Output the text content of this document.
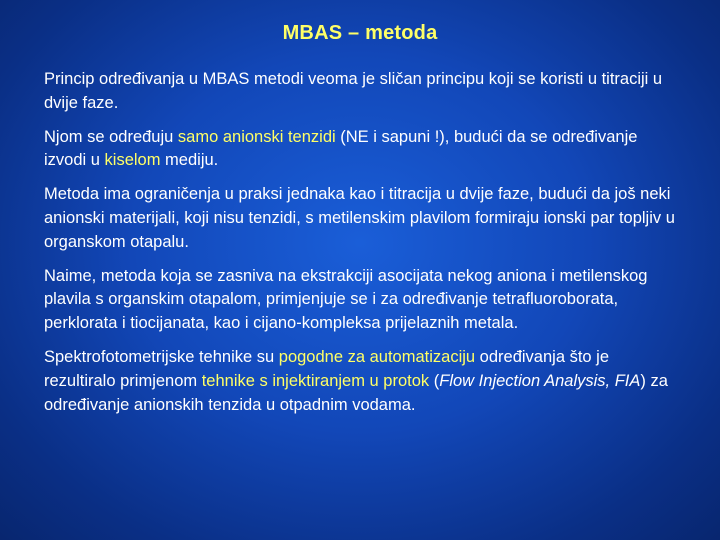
MBAS – metoda

Princip određivanja u MBAS metodi veoma je sličan principu koji se koristi u titraciji u dvije faze.

Njom se određuju samo anionski tenzidi (NE i sapuni !), budući da se određivanje izvodi u kiselom mediju.

Metoda ima ograničenja u praksi jednaka kao i titracija u dvije faze, budući da još neki anionski materijali, koji nisu tenzidi, s metilenskim plavilom formiraju ionski par topljiv u organskom otapalu.

Naime, metoda koja se zasniva na ekstrakciji asocijata nekog aniona i metilenskog plavila s organskim otapalom, primjenjuje se i za određivanje tetrafluoroborata, perklorata i tiocijanata, kao i cijano-kompleksa prijelaznih metala.

Spektrofotometrijske tehnike su pogodne za automatizaciju određivanja što je rezultiralo primjenom tehnike s injektiranjem u protok (Flow Injection Analysis, FIA) za određivanje anionskih tenzida u otpadnim vodama.
